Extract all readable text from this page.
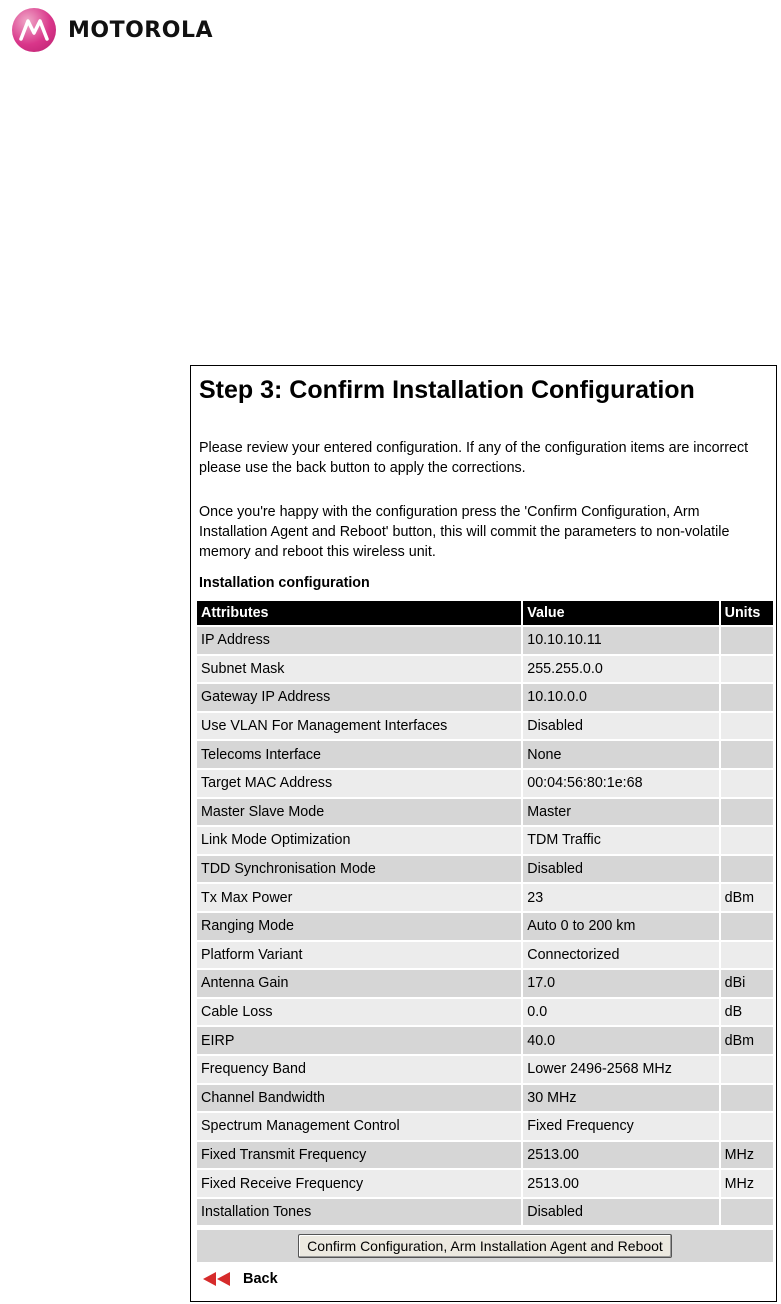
MOTOROLA
Step 3: Confirm Installation Configuration

Please review your entered configuration. If any of the configuration items are incorrect please use the back button to apply the corrections.

Once you're happy with the configuration press the 'Confirm Configuration, Arm Installation Agent and Reboot' button, this will commit the parameters to non-volatile memory and reboot this wireless unit.

Installation configuration

Attributes	Value	Units
IP Address	10.10.10.11	
Subnet Mask	255.255.0.0	
Gateway IP Address	10.10.0.0	
Use VLAN For Management Interfaces	Disabled	
Telecoms Interface	None	
Target MAC Address	00:04:56:80:1e:68	
Master Slave Mode	Master	
Link Mode Optimization	TDM Traffic	
TDD Synchronisation Mode	Disabled	
Tx Max Power	23	dBm
Ranging Mode	Auto 0 to 200 km	
Platform Variant	Connectorized	
Antenna Gain	17.0	dBi
Cable Loss	0.0	dB
EIRP	40.0	dBm
Frequency Band	Lower 2496-2568 MHz	
Channel Bandwidth	30 MHz	
Spectrum Management Control	Fixed Frequency	
Fixed Transmit Frequency	2513.00	MHz
Fixed Receive Frequency	2513.00	MHz
Installation Tones	Disabled	
Confirm Configuration, Arm Installation Agent and Reboot
Back
